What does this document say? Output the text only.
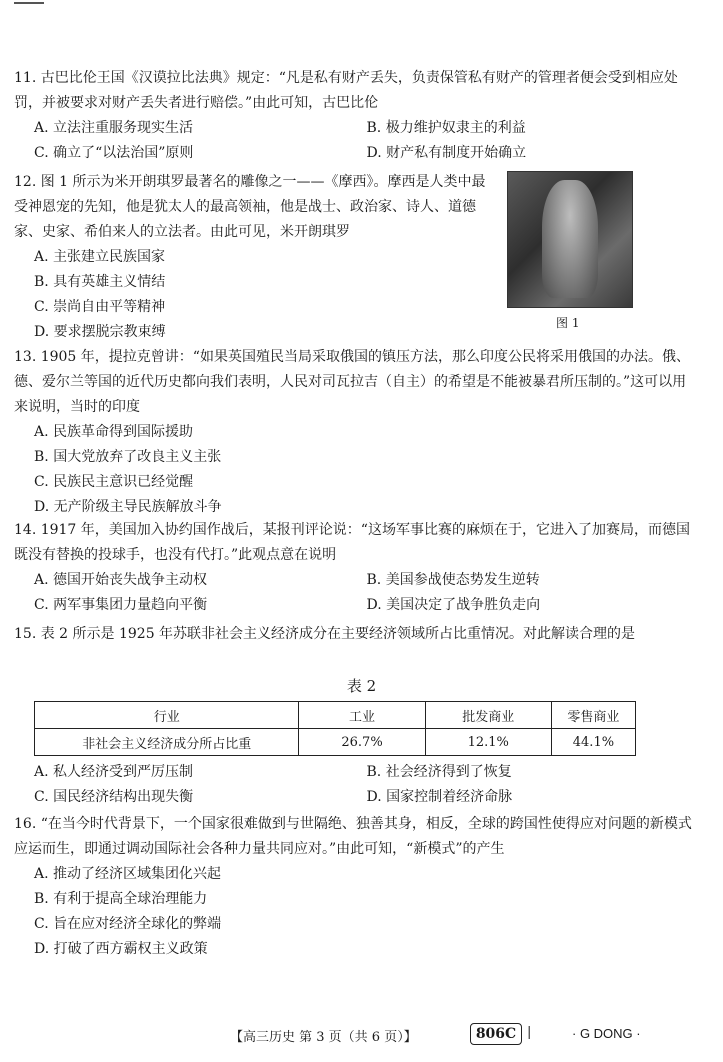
11. 古巴比伦王国《汉谟拉比法典》规定：“凡是私有财产丢失，负责保管私有财产的管理者便会受到相应处罚，并被要求对财产丢失者进行赔偿。”由此可知，古巴比伦
A. 立法注重服务现实生活	B. 极力维护奴隶主的利益
C. 确立了“以法治国”原则	D. 财产私有制度开始确立
12. 图 1 所示为米开朗琪罗最著名的雕像之一——《摩西》。摩西是人类中最受神恩宠的先知，他是犹太人的最高领袖，他是战士、政治家、诗人、道德家、史家、希伯来人的立法者。由此可见，米开朗琪罗
A. 主张建立民族国家
B. 具有英雄主义情结
C. 崇尚自由平等精神
D. 要求摆脱宗教束缚
图 1
13. 1905 年，提拉克曾讲：“如果英国殖民当局采取俄国的镇压方法，那么印度公民将采用俄国的办法。俄、德、爱尔兰等国的近代历史都向我们表明，人民对司瓦拉吉（自主）的希望是不能被暴君所压制的。”这可以用来说明，当时的印度
A. 民族革命得到国际援助
B. 国大党放弃了改良主义主张
C. 民族民主意识已经觉醒
D. 无产阶级主导民族解放斗争
14. 1917 年，美国加入协约国作战后，某报刊评论说：“这场军事比赛的麻烦在于，它进入了加赛局，而德国既没有替换的投球手，也没有代打。”此观点意在说明
A. 德国开始丧失战争主动权	B. 美国参战使态势发生逆转
C. 两军事集团力量趋向平衡	D. 美国决定了战争胜负走向
15. 表 2 所示是 1925 年苏联非社会主义经济成分在主要经济领域所占比重情况。对此解读合理的是
表 2
行业	工业	批发商业	零售商业
非社会主义经济成分所占比重	26.7%	12.1%	44.1%
A. 私人经济受到严厉压制	B. 社会经济得到了恢复
C. 国民经济结构出现失衡	D. 国家控制着经济命脉
16. “在当今时代背景下，一个国家很难做到与世隔绝、独善其身，相反，全球的跨国性使得应对问题的新模式应运而生，即通过调动国际社会各种力量共同应对。”由此可知，“新模式”的产生
A. 推动了经济区域集团化兴起
B. 有利于提高全球治理能力
C. 旨在应对经济全球化的弊端
D. 打破了西方霸权主义政策
【高三历史 第 3 页（共 6 页）】	806C |	· G DONG ·
